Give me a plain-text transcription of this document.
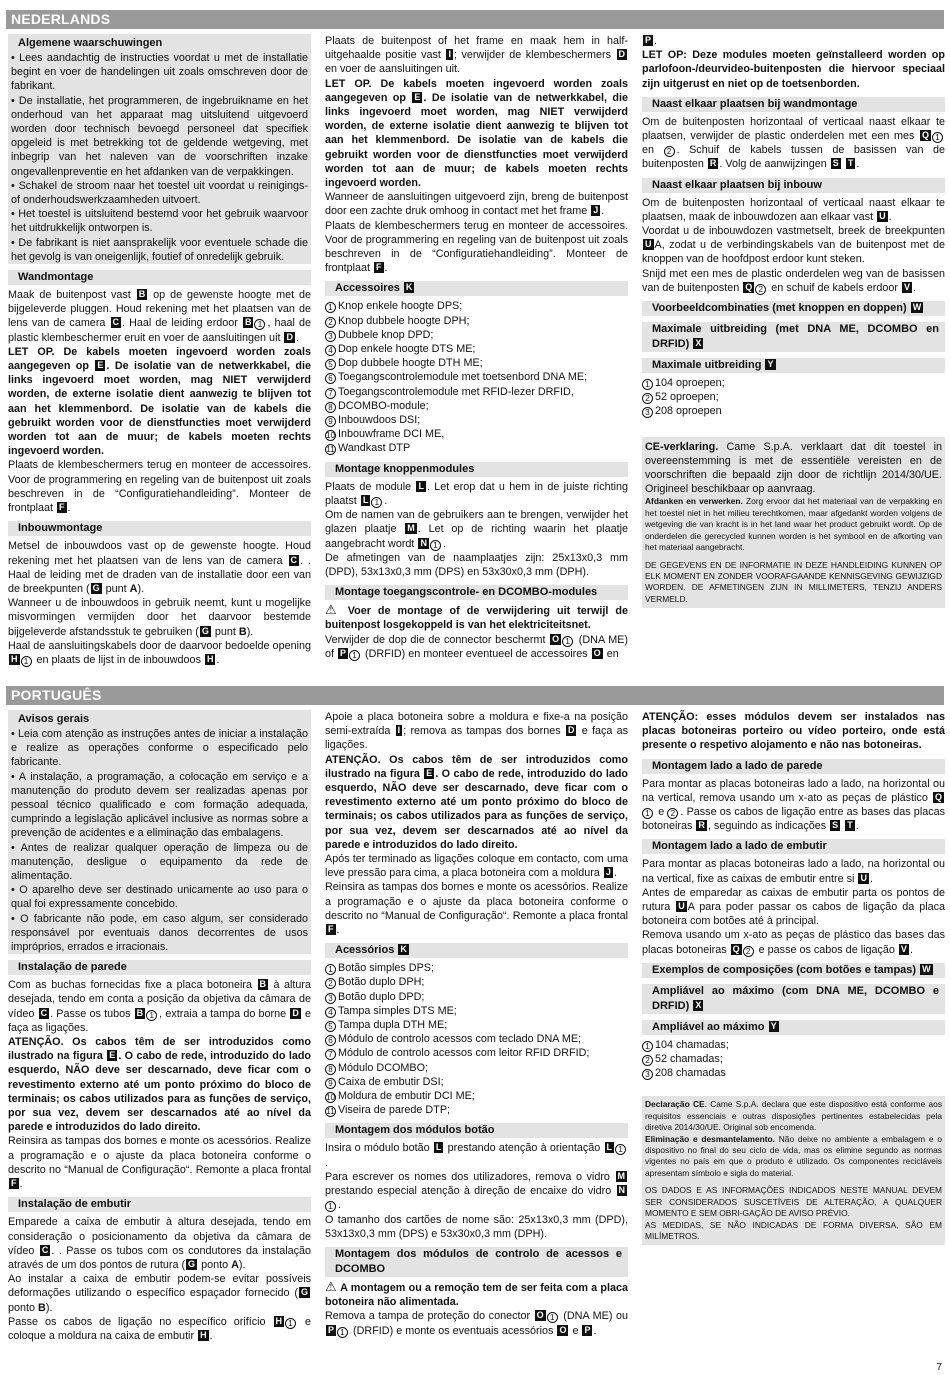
NEDERLANDS
Algemene waarschuwingen

• Lees aandachtig de instructies voordat u met de installatie begint en voer de handelingen uit zoals omschreven door de fabrikant.

• De installatie, het programmeren, de ingebruikname en het onderhoud van het apparaat mag uitsluitend uitgevoerd worden door technisch bevoegd personeel dat specifiek opgeleid is met betrekking tot de geldende wetgeving, met inbegrip van het naleven van de voorschriften inzake ongevallenpreventie en het afdanken van de verpakkingen.

• Schakel de stroom naar het toestel uit voordat u reinigings- of onderhoudswerkzaamheden uitvoert.

• Het toestel is uitsluitend bestemd voor het gebruik waarvoor het uitdrukkelijk ontworpen is.

• De fabrikant is niet aansprakelijk voor eventuele schade die het gevolg is van oneigenlijk, foutief of onredelijk gebruik.

Wandmontage

Maak de buitenpost vast B op de gewenste hoogte met de bijgeleverde pluggen. Houd rekening met het plaatsen van de lens van de camera C . Haal de leiding erdoor B 1 , haal de plastic klembeschermer eruit en voer de aansluitingen uit D .

LET OP. De kabels moeten ingevoerd worden zoals aangegeven op E . De isolatie van de netwerkkabel, die links ingevoerd moet worden, mag NIET verwijderd worden, de externe isolatie dient aanwezig te blijven tot aan het klemmenbord. De isolatie van de kabels die gebruikt worden voor de dienstfuncties moet verwijderd worden tot aan de muur; de kabels moeten rechts ingevoerd worden.

Plaats de klembeschermers terug en monteer de accessoires. Voor de programmering en regeling van de buitenpost uit zoals beschreven in de “Configuratiehandleiding”. Monteer de frontplaat F .

Inbouwmontage

Metsel de inbouwdoos vast op de gewenste hoogte. Houd rekening met het plaatsen van de lens van de camera C . . Haal de leiding met de draden van de installatie door een van de breekpunten ( G punt A).

Wanneer u de inbouwdoos in gebruik neemt, kunt u mogelijke misvormingen vermijden door het daarvoor bestemde bijgeleverde afstandsstuk te gebruiken ( G punt B).

Haal de aansluitingskabels door de daarvoor bedoelde opening H 1 en plaats de lijst in de inbouwdoos H .

Plaats de buitenpost of het frame en maak hem in half-uitgehaalde positie vast I ; verwijder de klembeschermers D en voer de aansluitingen uit.

LET OP. De kabels moeten ingevoerd worden zoals aangegeven op E . De isolatie van de netwerkkabel, die links ingevoerd moet worden, mag NIET verwijderd worden, de externe isolatie dient aanwezig te blijven tot aan het klemmenbord. De isolatie van de kabels die gebruikt worden voor de dienstfuncties moet verwijderd worden tot aan de muur; de kabels moeten rechts ingevoerd worden.

Wanneer de aansluitingen uitgevoerd zijn, breng de buitenpost door een zachte druk omhoog in contact met het frame J .

Plaats de klembeschermers terug en monteer de accessoires. Voor de programmering en regeling van de buitenpost uit zoals beschreven in de “Configuratiehandleiding”. Monteer de frontplaat F .

Accessoires K

1 Knop enkele hoogte DPS;

2 Knop dubbele hoogte DPH;

3 Dubbele knop DPD;

4 Dop enkele hoogte DTS ME;

5 Dop dubbele hoogte DTH ME;

6 Toegangscontrolemodule met toetsenbord DNA ME;

7 Toegangscontrolemodule met RFID-lezer DRFID,

8 DCOMBO-module;

9 Inbouwdoos DSI;

10 Inbouwframe DCI ME,

11 Wandkast DTP

Montage knoppenmodules

Plaats de module L . Let erop dat u hem in de juiste richting plaatst L 1 .

Om de namen van de gebruikers aan te brengen, verwijder het glazen plaatje M . Let op de richting waarin het plaatje aangebracht wordt N 1 .

De afmetingen van de naamplaatjes zijn: 25x13x0,3 mm (DPD), 53x13x0,3 mm (DPS) en 53x30x0,3 mm (DPH).

Montage toegangscontrole- en DCOMBO-modules

⚠ Voer de montage of de verwijdering uit terwijl de buitenpost losgekoppeld is van het elektriciteitsnet.

Verwijder de dop die de connector beschermt O 1 (DNA ME) of P 1 (DRFID) en monteer eventueel de accessoires O en

P .

LET OP: Deze modules moeten geïnstalleerd worden op parlofoon-/deurvideo-buitenposten die hiervoor speciaal zijn uitgerust en niet op de toetsenborden.

Naast elkaar plaatsen bij wandmontage

Om de buitenposten horizontaal of verticaal naast elkaar te plaatsen, verwijder de plastic onderdelen met een mes Q 1 en 2 . Schuif de kabels tussen de basissen van de buitenposten R . Volg de aanwijzingen S T .

Naast elkaar plaatsen bij inbouw

Om de buitenposten horizontaal of verticaal naast elkaar te plaatsen, maak de inbouwdozen aan elkaar vast U .

Voordat u de inbouwdozen vastmetselt, breek de breekpunten U A, zodat u de verbindingskabels van de buitenpost met de knoppen van de hoofdpost erdoor kunt steken.

Snijd met een mes de plastic onderdelen weg van de basissen van de buitenposten Q 2 en schuif de kabels erdoor V .

Voorbeeldcombinaties (met knoppen en doppen) W
Maximale uitbreiding (met DNA ME, DCOMBO en DRFID) X
Maximale uitbreiding Y

1 104 oproepen;

2 52 oproepen;

3 208 oproepen

CE-verklaring. Came S.p.A. verklaart dat dit toestel in overeenstemming is met de essentiële vereisten en de voorschriften die bepaald zijn door de richtlijn 2014/30/UE. Origineel beschikbaar op aanvraag.

Afdanken en verwerken. Zorg ervoor dat het materiaal van de verpakking en het toestel niet in het milieu terechtkomen, maar afgedankt worden volgens de wetgeving die van kracht is in het land waar het product gebruikt wordt. Op de onderdelen die gerecycled kunnen worden is het symbool en de afkorting van het materiaal aangebracht.

DE GEGEVENS EN DE INFORMATIE IN DEZE HANDLEIDING KUNNEN OP ELK MOMENT EN ZONDER VOORAFGAANDE KENNISGEVING GEWIJZIGD WORDEN. DE AFMETINGEN ZIJN IN MILLIMETERS, TENZIJ ANDERS VERMELD.

PORTUGUÊS
Avisos gerais

• Leia com atenção as instruções antes de iniciar a instalação e realize as operações conforme o especificado pelo fabricante.

• A instalação, a programação, a colocação em serviço e a manutenção do produto devem ser realizadas apenas por pessoal técnico qualificado e com formação adequada, cumprindo a legislação aplicável inclusive as normas sobre a prevenção de acidentes e a eliminação das embalagens.

• Antes de realizar qualquer operação de limpeza ou de manutenção, desligue o equipamento da rede de alimentação.

• O aparelho deve ser destinado unicamente ao uso para o qual foi expressamente concebido.

• O fabricante não pode, em caso algum, ser considerado responsável por eventuais danos decorrentes de usos impróprios, errados e irracionais.

Instalação de parede

Com as buchas fornecidas fixe a placa botoneira B à altura desejada, tendo em conta a posição da objetiva da câmara de vídeo C . Passe os tubos B 1 , extraia a tampa do borne D e faça as ligações.

ATENÇÃO. Os cabos têm de ser introduzidos como ilustrado na figura E . O cabo de rede, introduzido do lado esquerdo, NÃO deve ser descarnado, deve ficar com o revestimento externo até um ponto próximo do bloco de terminais; os cabos utilizados para as funções de serviço, por sua vez, devem ser descarnados até ao nível da parede e introduzidos do lado direito.

Reinsira as tampas dos bornes e monte os acessórios. Realize a programação e o ajuste da placa botoneira conforme o descrito no “Manual de Configuração“. Remonte a placa frontal F .

Instalação de embutir

Emparede a caixa de embutir à altura desejada, tendo em consideração o posicionamento da objetiva da câmara de vídeo C . . Passe os tubos com os condutores da instalação através de um dos pontos de rutura ( G ponto A).

Ao instalar a caixa de embutir podem-se evitar possíveis deformações utilizando o específico espaçador fornecido ( G ponto B).

Passe os cabos de ligação no específico orifício H 1 e coloque a moldura na caixa de embutir H .

Apoie a placa botoneira sobre a moldura e fixe-a na posição semi-extraída I ; remova as tampas dos bornes D e faça as ligações.

ATENÇÃO. Os cabos têm de ser introduzidos como ilustrado na figura E . O cabo de rede, introduzido do lado esquerdo, NÃO deve ser descarnado, deve ficar com o revestimento externo até um ponto próximo do bloco de terminais; os cabos utilizados para as funções de serviço, por sua vez, devem ser descarnados até ao nível da parede e introduzidos do lado direito.

Após ter terminado as ligações coloque em contacto, com uma leve pressão para cima, a placa botoneira com a moldura J .

Reinsira as tampas dos bornes e monte os acessórios. Realize a programação e o ajuste da placa botoneira conforme o descrito no “Manual de Configuração“. Remonte a placa frontal F .

Acessórios K

1 Botão simples DPS;

2 Botão duplo DPH;

3 Botão duplo DPD;

4 Tampa simples DTS ME;

5 Tampa dupla DTH ME;

6 Módulo de controlo acessos com teclado DNA ME;

7 Módulo de controlo acessos com leitor RFID DRFID;

8 Módulo DCOMBO;

9 Caixa de embutir DSI;

10 Moldura de embutir DCI ME;

11 Viseira de parede DTP;

Montagem dos módulos botão

Insira o módulo botão L prestando atenção à orientação L 1.

Para escrever os nomes dos utilizadores, remova o vidro M prestando especial atenção à direção de encaixe do vidro N1 .

O tamanho dos cartões de nome são: 25x13x0,3 mm (DPD), 53x13x0,3 mm (DPS) e 53x30x0,3 mm (DPH).

Montagem dos módulos de controlo de acessos e DCOMBO

⚠ A montagem ou a remoção tem de ser feita com a placa botoneira não alimentada.

Remova a tampa de proteção do conector O 1 (DNA ME) ou P 1 (DRFID) e monte os eventuais acessórios O e P .

ATENÇÃO: esses módulos devem ser instalados nas placas botoneiras porteiro ou vídeo porteiro, onde está presente o respetivo alojamento e não nas botoneiras.

Montagem lado a lado de parede

Para montar as placas botoneiras lado a lado, na horizontal ou na vertical, remova usando um x-ato as peças de plástico Q1 e 2 . Passe os cabos de ligação entre as bases das placas botoneiras R , seguindo as indicações S T .

Montagem lado a lado de embutir

Para montar as placas botoneiras lado a lado, na horizontal ou na vertical, fixe as caixas de embutir entre si U .

Antes de emparedar as caixas de embutir parta os pontos de rutura U A para poder passar os cabos de ligação da placa botoneira com botões até à principal.

Remova usando um x-ato as peças de plástico das bases das placas botoneiras Q 2 e passe os cabos de ligação V .

Exemplos de composições (com botões e tampas) W
Ampliável ao máximo (com DNA ME, DCOMBO e DRFID) X
Ampliável ao máximo Y

1 104 chamadas;

2 52 chamadas;

3 208 chamadas

Declaração CE. Came S.p.A. declara que este dispositivo está conforme aos requisitos essenciais e outras disposições pertinentes estabelecidas pela diretiva 2014/30/UE. Original sob encomenda.

Eliminação e desmantelamento. Não deixe no ambiente a embalagem e o dispositivo no final do seu ciclo de vida, mas os elimine segundo as normas vigentes no país em que o produto é utilizado. Os componentes recicláveis apresentam símbolo e sigla do material.

OS DADOS E AS INFORMAÇÕES INDICADOS NESTE MANUAL DEVEM SER CONSIDERADOS SUSCETÍVEIS DE ALTERAÇÃO, A QUALQUER MOMENTO E SEM OBRI-GAÇÃO DE AVISO PRÉVIO.

AS MEDIDAS, SE NÃO INDICADAS DE FORMA DIVERSA, SÃO EM MILÍMETROS.

7
